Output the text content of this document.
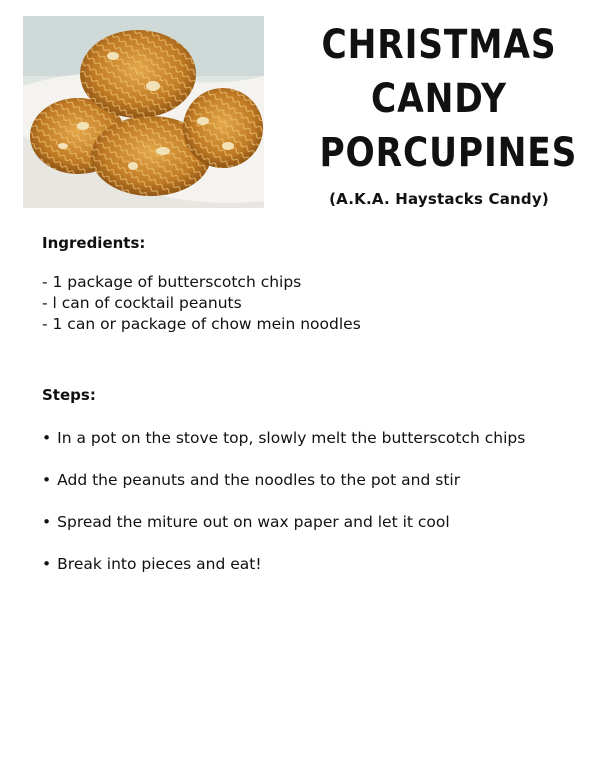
CHRISTMAS
CANDY
PORCUPINES
(A.K.A. Haystacks Candy)
Ingredients:
- 1 package of butterscotch chips
- l can of cocktail peanuts
- 1 can or package of chow mein noodles
Steps:
• In a pot on the stove top, slowly melt the butterscotch chips
• Add the peanuts and the noodles to the pot and stir
• Spread the miture out on wax paper and let it cool
• Break into pieces and eat!
